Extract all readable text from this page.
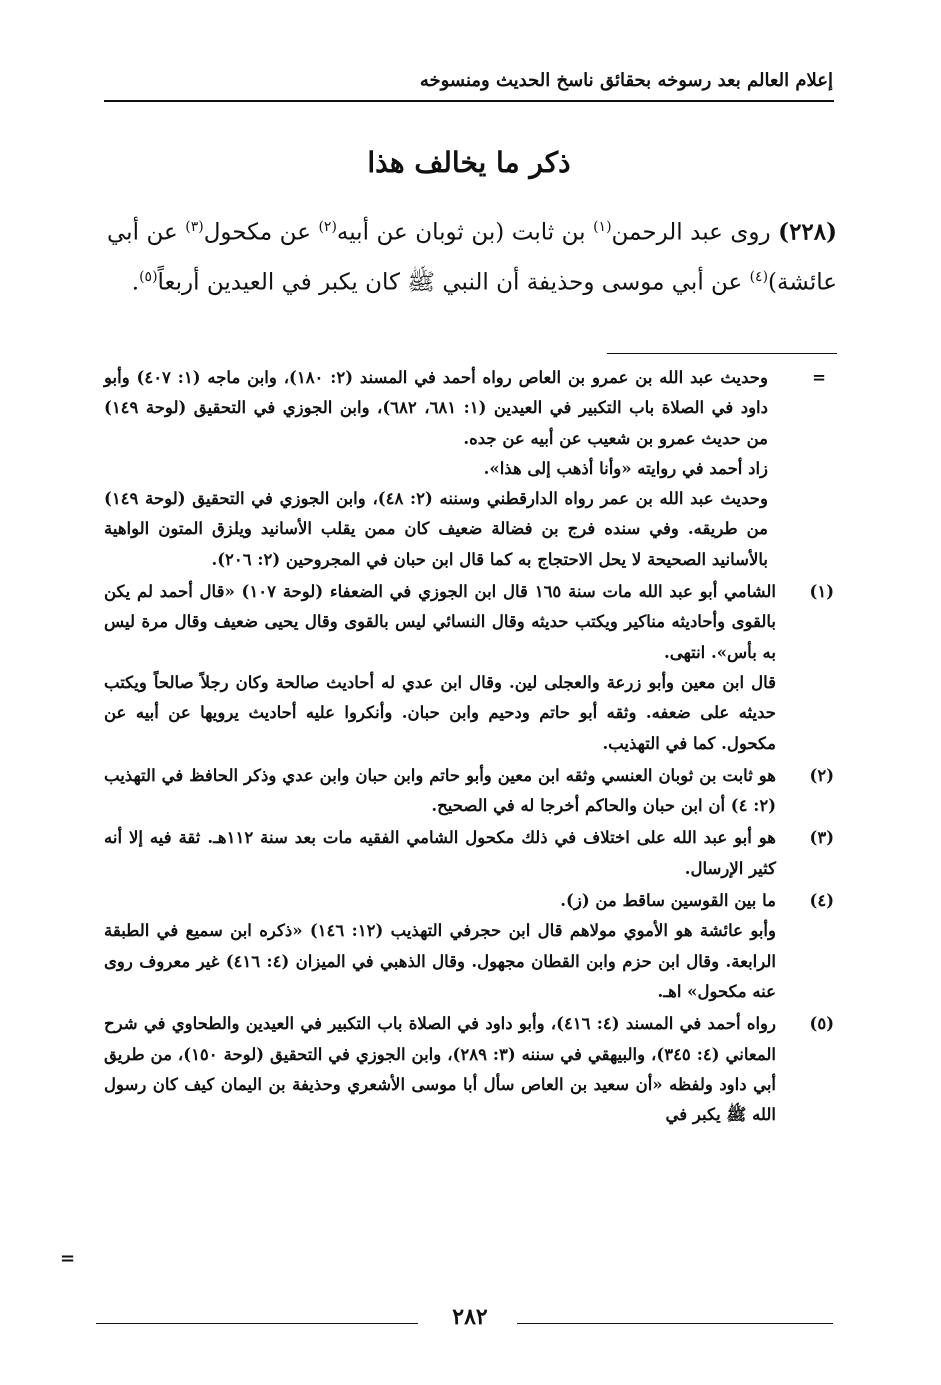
إعلام العالم بعد رسوخه بحقائق ناسخ الحديث ومنسوخه
ذكر ما يخالف هذا
(٢٢٨) روى عبد الرحمن$^{(١)}$ بن ثابت (بن ثوبان عن أبيه$^{(٢)}$ عن مكحول$^{(٣)}$ عن أبي عائشة)$^{(٤)}$ عن أبي موسى وحذيفة أن النبي ﷺ كان يكبر في العيدين أربعاً$^{(٥)}$.
=

وحديث عبد الله بن عمرو بن العاص رواه أحمد في المسند (٢: ١٨٠)، وابن ماجه (١: ٤٠٧) وأبو داود في الصلاة باب التكبير في العيدين (١: ٦٨١، ٦٨٢)، وابن الجوزي في التحقيق (لوحة ١٤٩) من حديث عمرو بن شعيب عن أبيه عن جده.

زاد أحمد في روايته «وأنا أذهب إلى هذا».

وحديث عبد الله بن عمر رواه الدارقطني وسننه (٢: ٤٨)، وابن الجوزي في التحقيق (لوحة ١٤٩) من طريقه. وفي سنده فرج بن فضالة ضعيف كان ممن يقلب الأسانيد ويلزق المتون الواهية بالأسانيد الصحيحة لا يحل الاحتجاج به كما قال ابن حبان في المجروحين (٢: ٢٠٦).

(١)

الشامي أبو عبد الله مات سنة ١٦٥ قال ابن الجوزي في الضعفاء (لوحة ١٠٧) «قال أحمد لم يكن بالقوى وأحاديثه مناكير ويكتب حديثه وقال النسائي ليس بالقوى وقال يحيى ضعيف وقال مرة ليس به بأس». انتهى.

قال ابن معين وأبو زرعة والعجلى لين. وقال ابن عدي له أحاديث صالحة وكان رجلاً صالحاً ويكتب حديثه على ضعفه. وثقه أبو حاتم ودحيم وابن حبان. وأنكروا عليه أحاديث يرويها عن أبيه عن مكحول. كما في التهذيب.

(٢)

هو ثابت بن ثوبان العنسي وثقه ابن معين وأبو حاتم وابن حبان وابن عدي وذكر الحافظ في التهذيب (٢: ٤) أن ابن حبان والحاكم أخرجا له في الصحيح.

(٣)

هو أبو عبد الله على اختلاف في ذلك مكحول الشامي الفقيه مات بعد سنة ١١٢هـ. ثقة فيه إلا أنه كثير الإرسال.

(٤)

ما بين القوسين ساقط من (ز).

وأبو عائشة هو الأموي مولاهم قال ابن حجرفي التهذيب (١٢: ١٤٦) «ذكره ابن سميع في الطبقة الرابعة. وقال ابن حزم وابن القطان مجهول. وقال الذهبي في الميزان (٤: ٤١٦) غير معروف روى عنه مكحول» اهـ.

(٥)

رواه أحمد في المسند (٤: ٤١٦)، وأبو داود في الصلاة باب التكبير في العيدين والطحاوي في شرح المعاني (٤: ٣٤٥)، والبيهقي في سننه (٣: ٢٨٩)، وابن الجوزي في التحقيق (لوحة ١٥٠)، من طريق أبي داود ولفظه «أن سعيد بن العاص سأل أبا موسى الأشعري وحذيفة بن اليمان كيف كان رسول الله ﷺ يكبر في

=
٢٨٢
